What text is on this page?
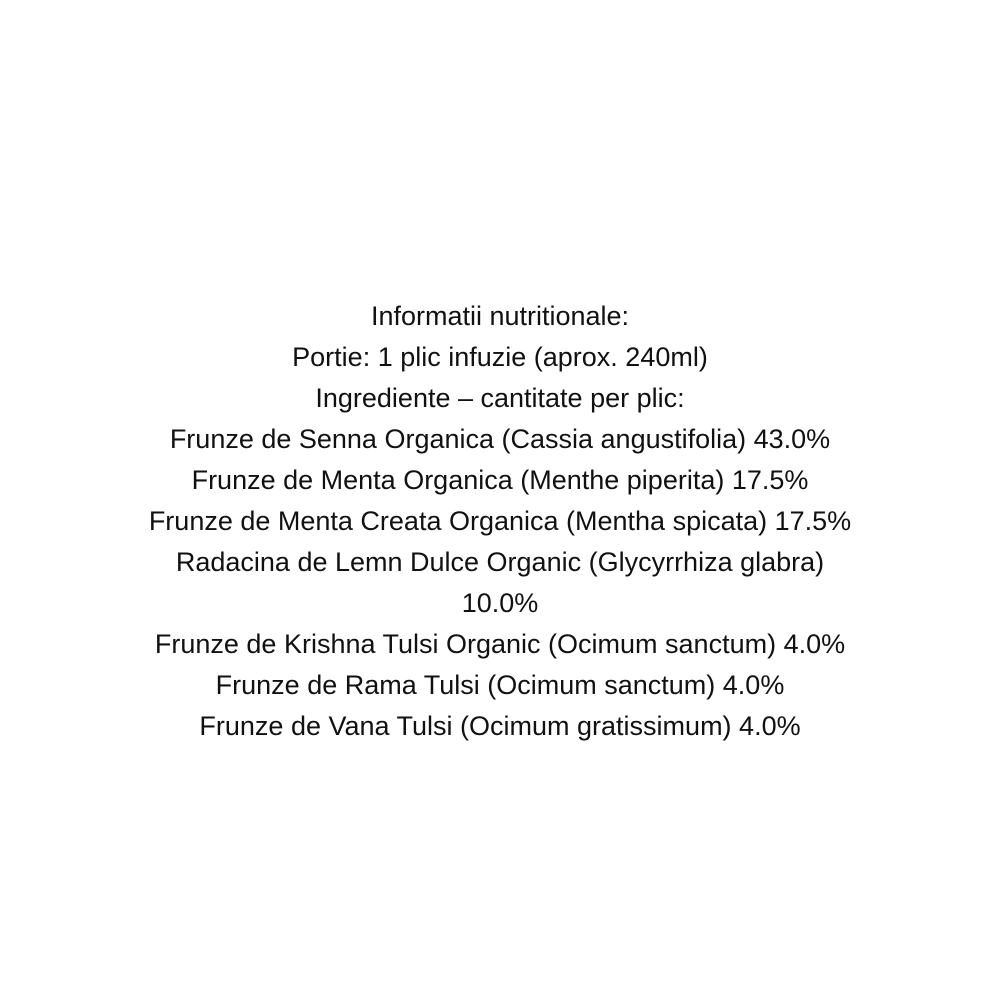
Informatii nutritionale:
Portie: 1 plic infuzie (aprox. 240ml)
Ingrediente – cantitate per plic:
Frunze de Senna Organica (Cassia angustifolia) 43.0%
Frunze de Menta Organica (Menthe piperita) 17.5%
Frunze de Menta Creata Organica (Mentha spicata) 17.5%
Radacina de Lemn Dulce Organic (Glycyrrhiza glabra)
10.0%
Frunze de Krishna Tulsi Organic (Ocimum sanctum) 4.0%
Frunze de Rama Tulsi (Ocimum sanctum) 4.0%
Frunze de Vana Tulsi (Ocimum gratissimum) 4.0%
